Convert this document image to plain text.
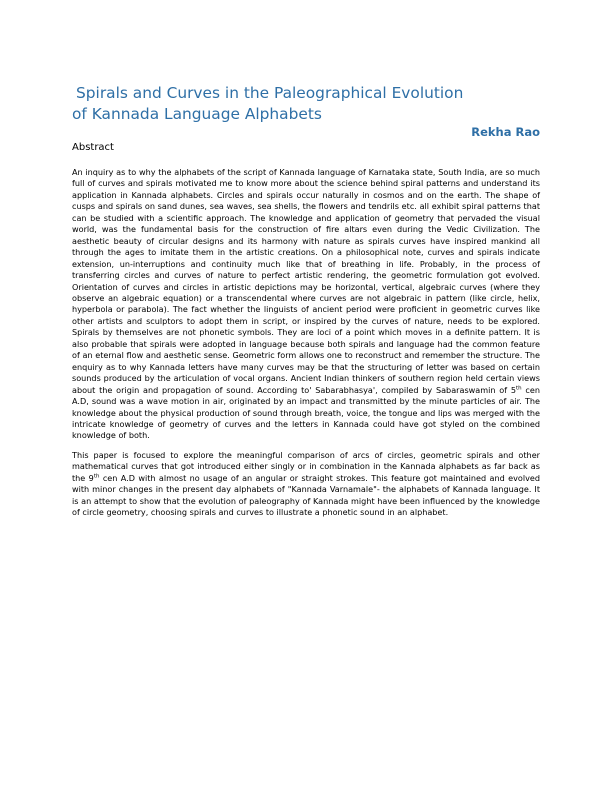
Spirals and Curves in the Paleographical Evolution
of Kannada Language Alphabets
Rekha Rao
Abstract

An inquiry as to why the alphabets of the script of Kannada language of Karnataka state, South India, are so much full of curves and spirals motivated me to know more about the science behind spiral patterns and understand its application in Kannada alphabets. Circles and spirals occur naturally in cosmos and on the earth. The shape of cusps and spirals on sand dunes, sea waves, sea shells, the flowers and tendrils etc. all exhibit spiral patterns that can be studied with a scientific approach. The knowledge and application of geometry that pervaded the visual world, was the fundamental basis for the construction of fire altars even during the Vedic Civilization. The aesthetic beauty of circular designs and its harmony with nature as spirals curves have inspired mankind all through the ages to imitate them in the artistic creations. On a philosophical note, curves and spirals indicate extension, un-interruptions and continuity much like that of breathing in life. Probably, in the process of transferring circles and curves of nature to perfect artistic rendering, the geometric formulation got evolved. Orientation of curves and circles in artistic depictions may be horizontal, vertical, algebraic curves (where they observe an algebraic equation) or a transcendental where curves are not algebraic in pattern (like circle, helix, hyperbola or parabola). The fact whether the linguists of ancient period were proficient in geometric curves like other artists and sculptors to adopt them in script, or inspired by the curves of nature, needs to be explored. Spirals by themselves are not phonetic symbols. They are loci of a point which moves in a definite pattern. It is also probable that spirals were adopted in language because both spirals and language had the common feature of an eternal flow and aesthetic sense. Geometric form allows one to reconstruct and remember the structure. The enquiry as to why Kannada letters have many curves may be that the structuring of letter was based on certain sounds produced by the articulation of vocal organs. Ancient Indian thinkers of southern region held certain views about the origin and propagation of sound. According to' Sabarabhasya', compiled by Sabaraswamin of 5th cen A.D, sound was a wave motion in air, originated by an impact and transmitted by the minute particles of air. The knowledge about the physical production of sound through breath, voice, the tongue and lips was merged with the intricate knowledge of geometry of curves and the letters in Kannada could have got styled on the combined knowledge of both.

This paper is focused to explore the meaningful comparison of arcs of circles, geometric spirals and other mathematical curves that got introduced either singly or in combination in the Kannada alphabets as far back as the 9th cen A.D with almost no usage of an angular or straight strokes. This feature got maintained and evolved with minor changes in the present day alphabets of "Kannada Varnamale"- the alphabets of Kannada language. It is an attempt to show that the evolution of paleography of Kannada might have been influenced by the knowledge of circle geometry, choosing spirals and curves to illustrate a phonetic sound in an alphabet.
